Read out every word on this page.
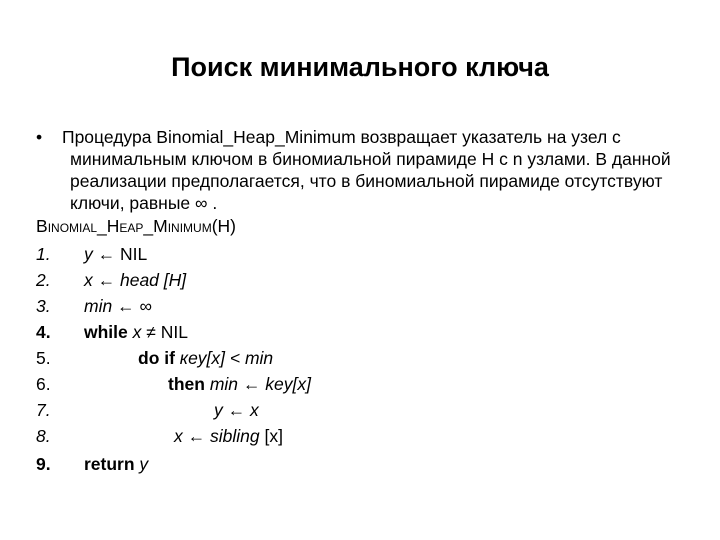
Поиск минимального ключа
•	Процедура Binomial_Heap_Minimum возвращает указатель на узел с минимальным ключом в биномиальной пирамиде H с n узлами. В данной реализации предполагается, что в биномиальной пирамиде отсутствуют ключи, равные ∞ .
Binomial_Heap_Minimum(H)
1.	y ← NIL
2.	x ← head [H]
3.	min ← ∞
4.	while x ≠ NIL
5.	do if кey[x] < min
6.	then min ← key[x]
7.	y ← x
8.	x ← sibling [x]
9.	return y
